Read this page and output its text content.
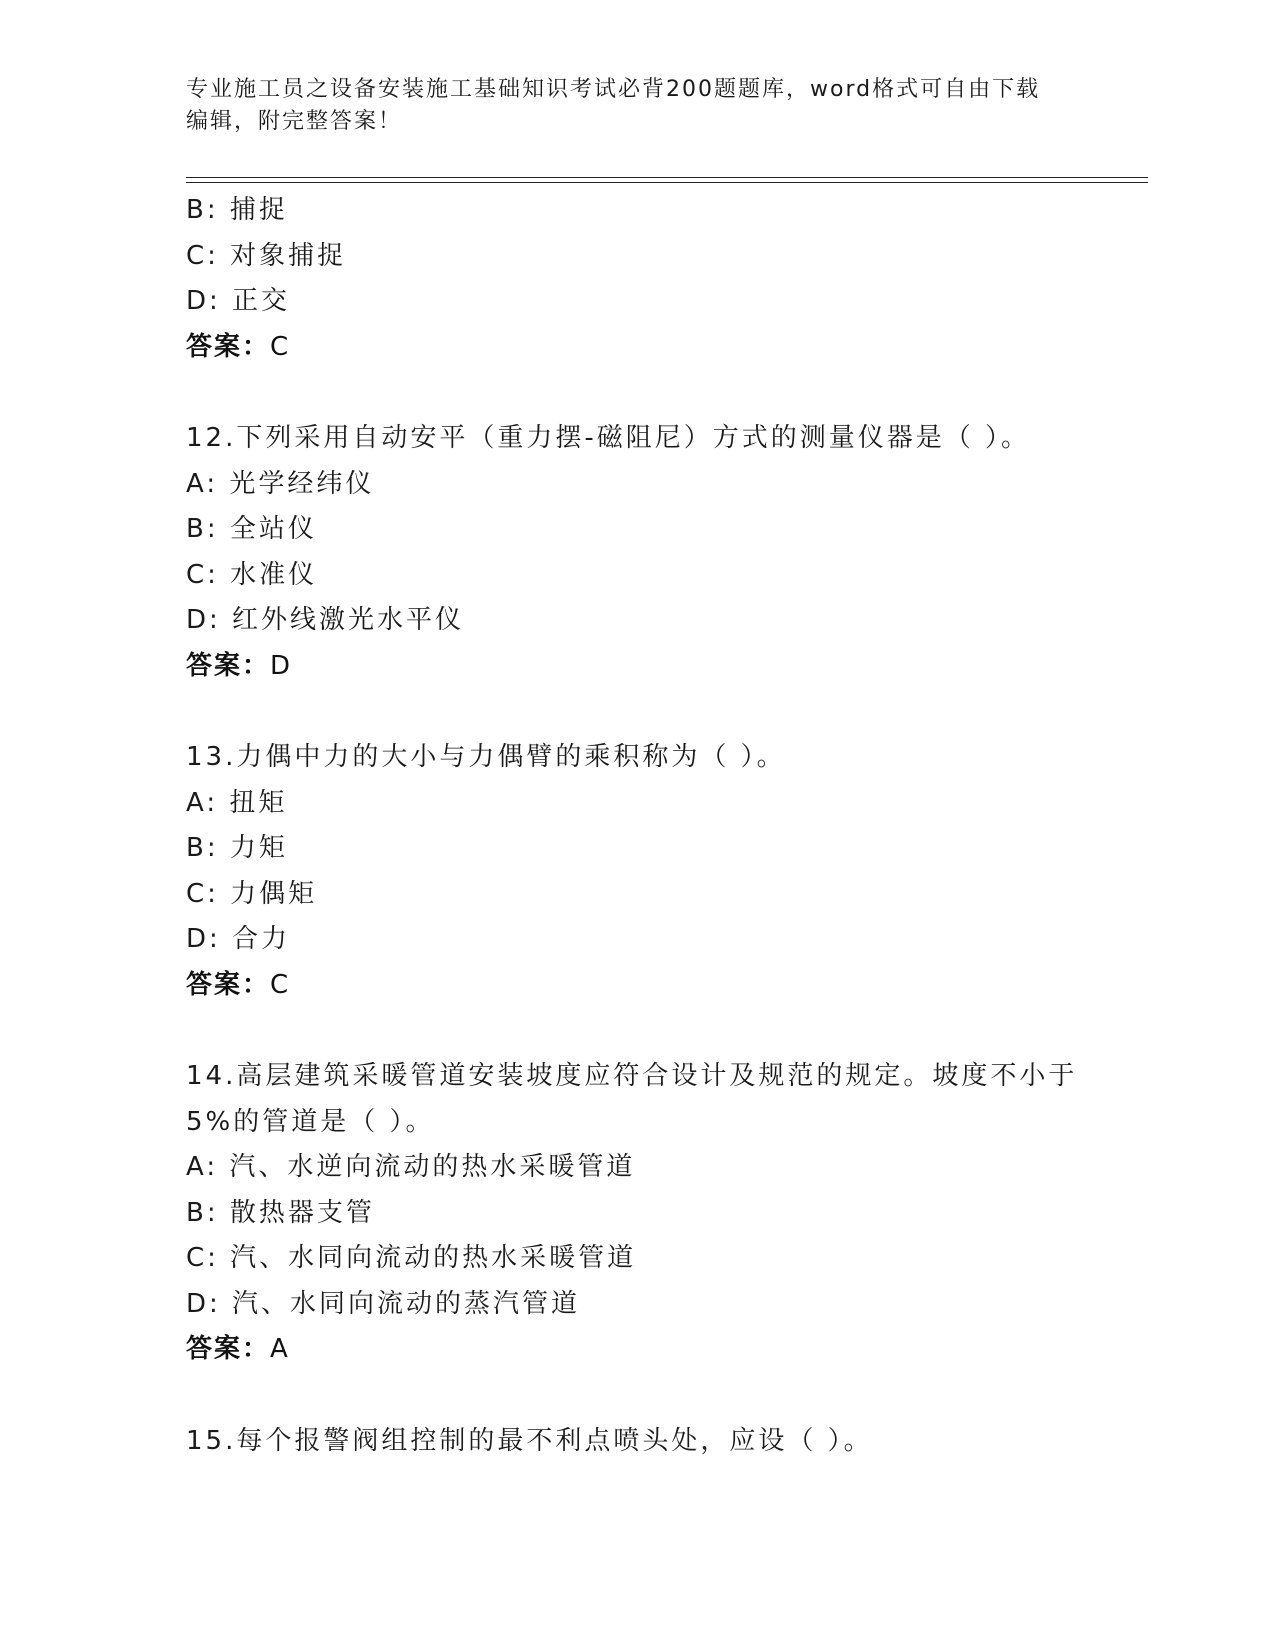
专业施工员之设备安装施工基础知识考试必背200题题库，word格式可自由下载
编辑，附完整答案！
B: 捕捉
C: 对象捕捉
D: 正交
答案：C
12.下列采用自动安平（重力摆-磁阻尼）方式的测量仪器是（ ）。
A: 光学经纬仪
B: 全站仪
C: 水准仪
D: 红外线激光水平仪
答案：D
13.力偶中力的大小与力偶臂的乘积称为（ ）。
A: 扭矩
B: 力矩
C: 力偶矩
D: 合力
答案：C
14.高层建筑采暖管道安装坡度应符合设计及规范的规定。坡度不小于
5%的管道是（ ）。
A: 汽、水逆向流动的热水采暖管道
B: 散热器支管
C: 汽、水同向流动的热水采暖管道
D: 汽、水同向流动的蒸汽管道
答案：A
15.每个报警阀组控制的最不利点喷头处，应设（ ）。
